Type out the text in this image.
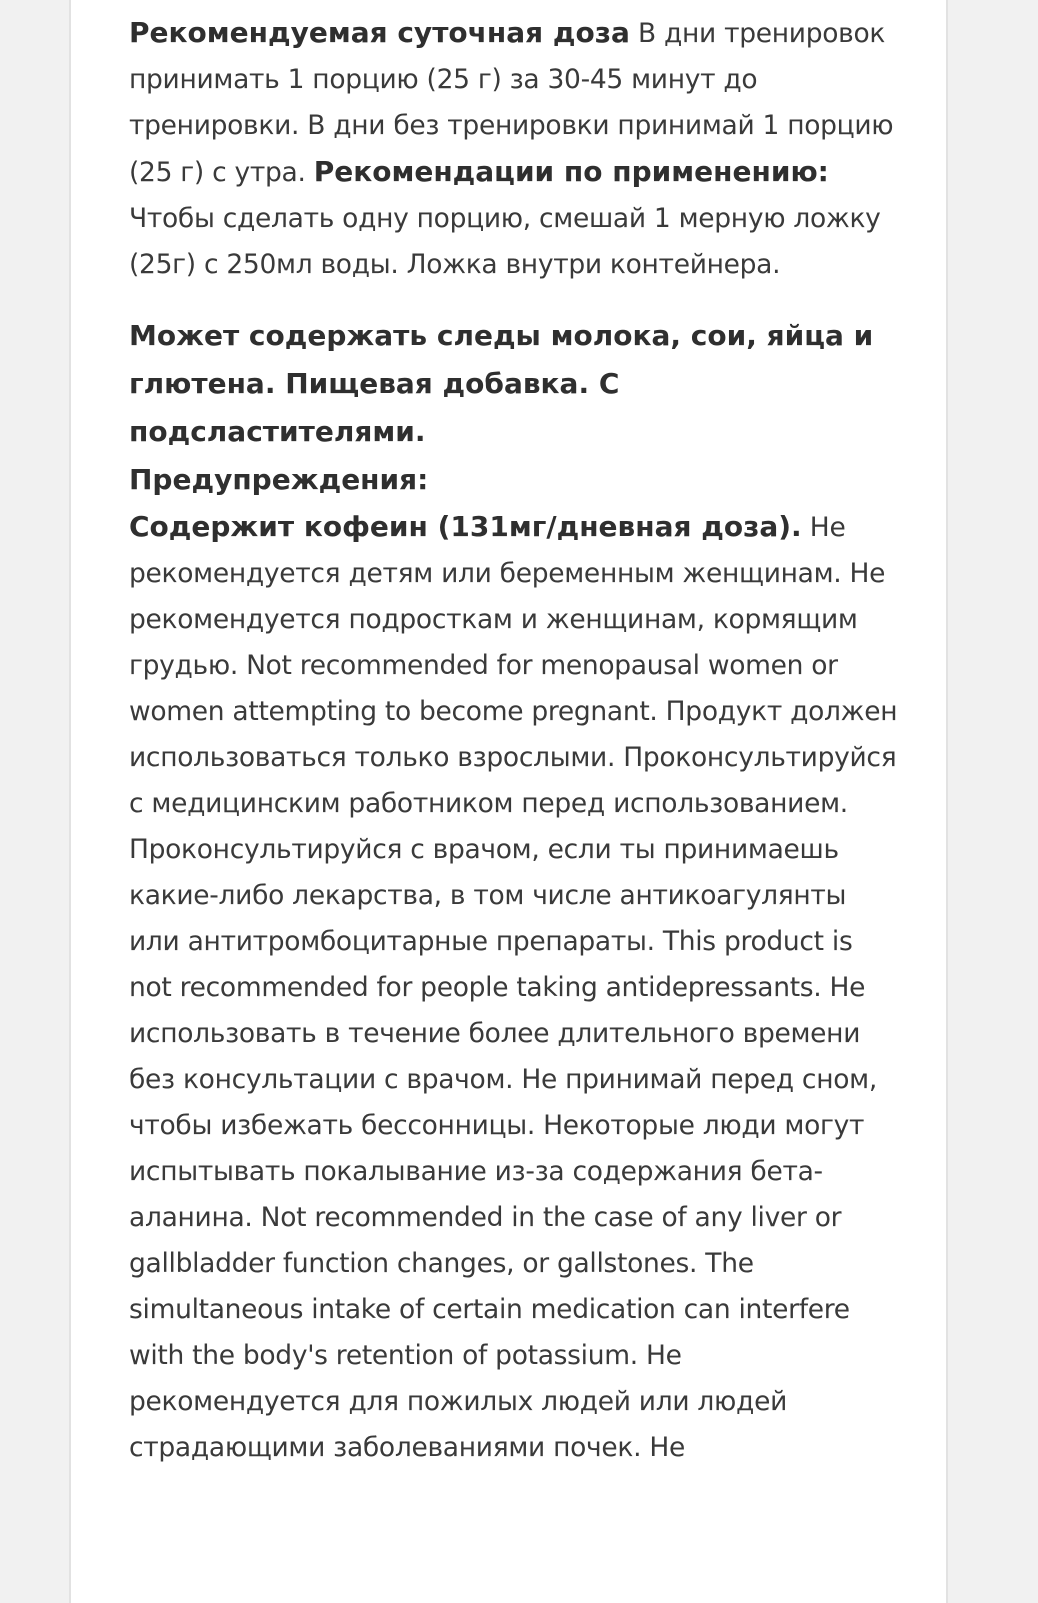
Рекомендуемая суточная доза В дни тренировок принимать 1 порцию (25 г) за 30-45 минут до тренировки. В дни без тренировки принимай 1 порцию (25 г) с утра. Рекомендации по применению: Чтобы сделать одну порцию, смешай 1 мерную ложку (25г) с 250мл воды. Ложка внутри контейнера.

Может содержать следы молока, сои, яйца и глютена. Пищевая добавка. С подсластителями.

Предупреждения:

Содержит кофеин (131мг/дневная доза). Не рекомендуется детям или беременным женщинам. Не рекомендуется подросткам и женщинам, кормящим грудью. Not recommended for menopausal women or women attempting to become pregnant. Продукт должен использоваться только взрослыми. Проконсультируйся с медицинским работником перед использованием. Проконсультируйся с врачом, если ты принимаешь какие-либо лекарства, в том числе антикоагулянты или антитромбоцитарные препараты. This product is not recommended for people taking antidepressants. Не использовать в течение более длительного времени без консультации с врачом. Не принимай перед сном, чтобы избежать бессонницы. Некоторые люди могут испытывать покалывание из-за содержания бета-аланина. Not recommended in the case of any liver or gallbladder function changes, or gallstones. The simultaneous intake of certain medication can interfere with the body's retention of potassium. Не рекомендуется для пожилых людей или людей страдающими заболеваниями почек. Не
